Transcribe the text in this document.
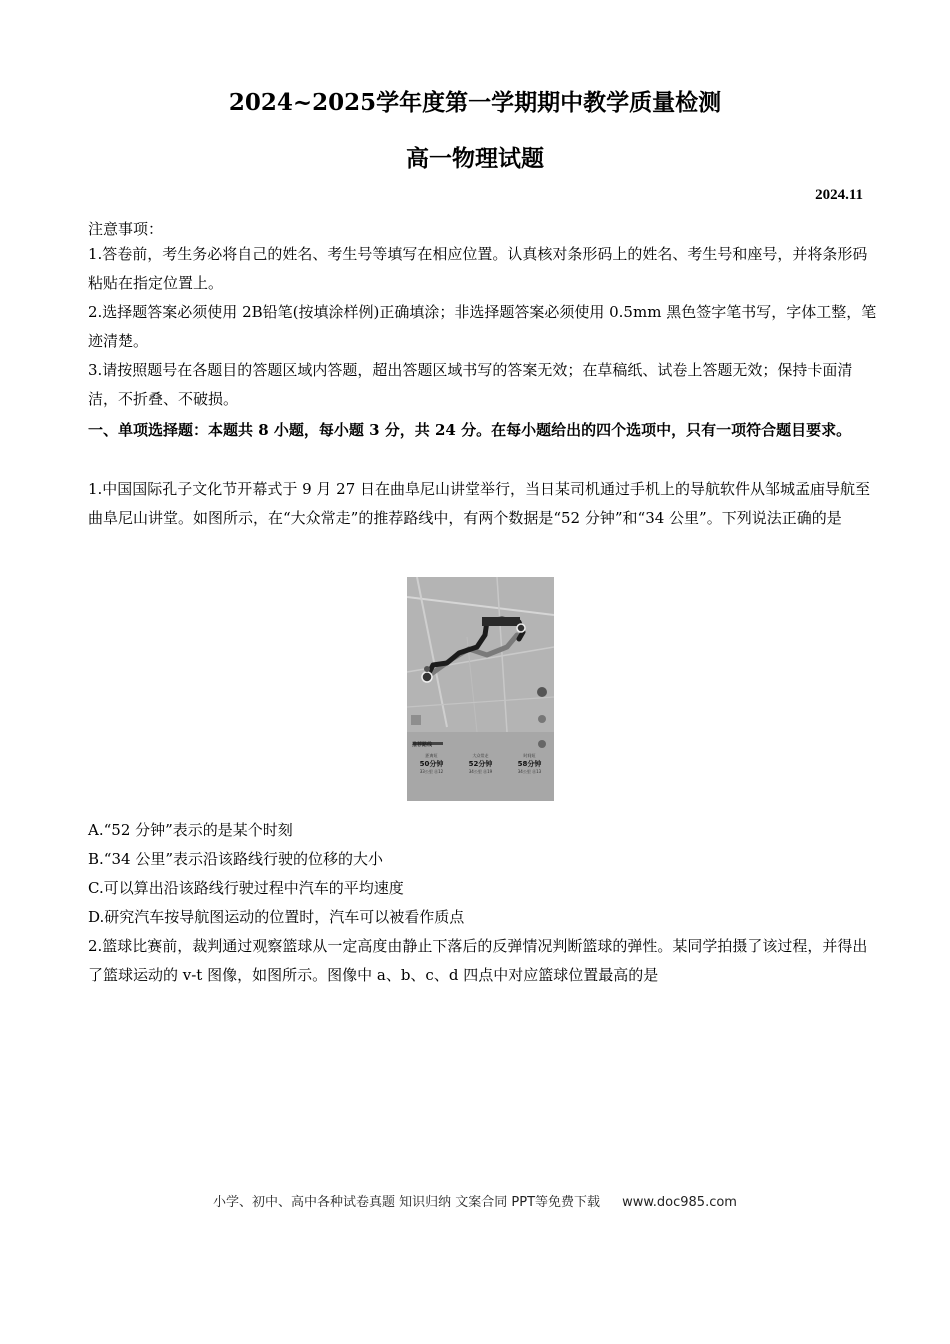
2024~2025学年度第一学期期中教学质量检测
高一物理试题
2024.11

注意事项：

1.答卷前，考生务必将自己的姓名、考生号等填写在相应位置。认真核对条形码上的姓名、考生号和座号，并将条形码粘贴在指定位置上。

2.选择题答案必须使用 2B铅笔(按填涂样例)正确填涂；非选择题答案必须使用 0.5mm 黑色签字笔书写，字体工整，笔迹清楚。

3.请按照题号在各题目的答题区域内答题，超出答题区域书写的答案无效；在草稿纸、试卷上答题无效；保持卡面清洁，不折叠、不破损。

一、单项选择题：本题共 8 小题，每小题 3 分，共 24 分。在每小题给出的四个选项中，只有一项符合题目要求。

1.中国国际孔子文化节开幕式于 9 月 27 日在曲阜尼山讲堂举行，当日某司机通过手机上的导航软件从邹城孟庙导航至曲阜尼山讲堂。如图所示，在“大众常走”的推荐路线中，有两个数据是“52 分钟”和“34 公里”。下列说法正确的是

推荐路线
距离短
50分钟
33公里 ⓖ12
大众常走
52分钟
34公里 ⓖ19
时间短
58分钟
34公里 ⓖ13

A.“52 分钟”表示的是某个时刻

B.“34 公里”表示沿该路线行驶的位移的大小

C.可以算出沿该路线行驶过程中汽车的平均速度

D.研究汽车按导航图运动的位置时，汽车可以被看作质点

2.篮球比赛前，裁判通过观察篮球从一定高度由静止下落后的反弹情况判断篮球的弹性。某同学拍摄了该过程，并得出了篮球运动的 v-t 图像，如图所示。图像中 a、b、c、d 四点中对应篮球位置最高的是

小学、初中、高中各种试卷真题 知识归纳 文案合同 PPT等免费下载 www.doc985.com
